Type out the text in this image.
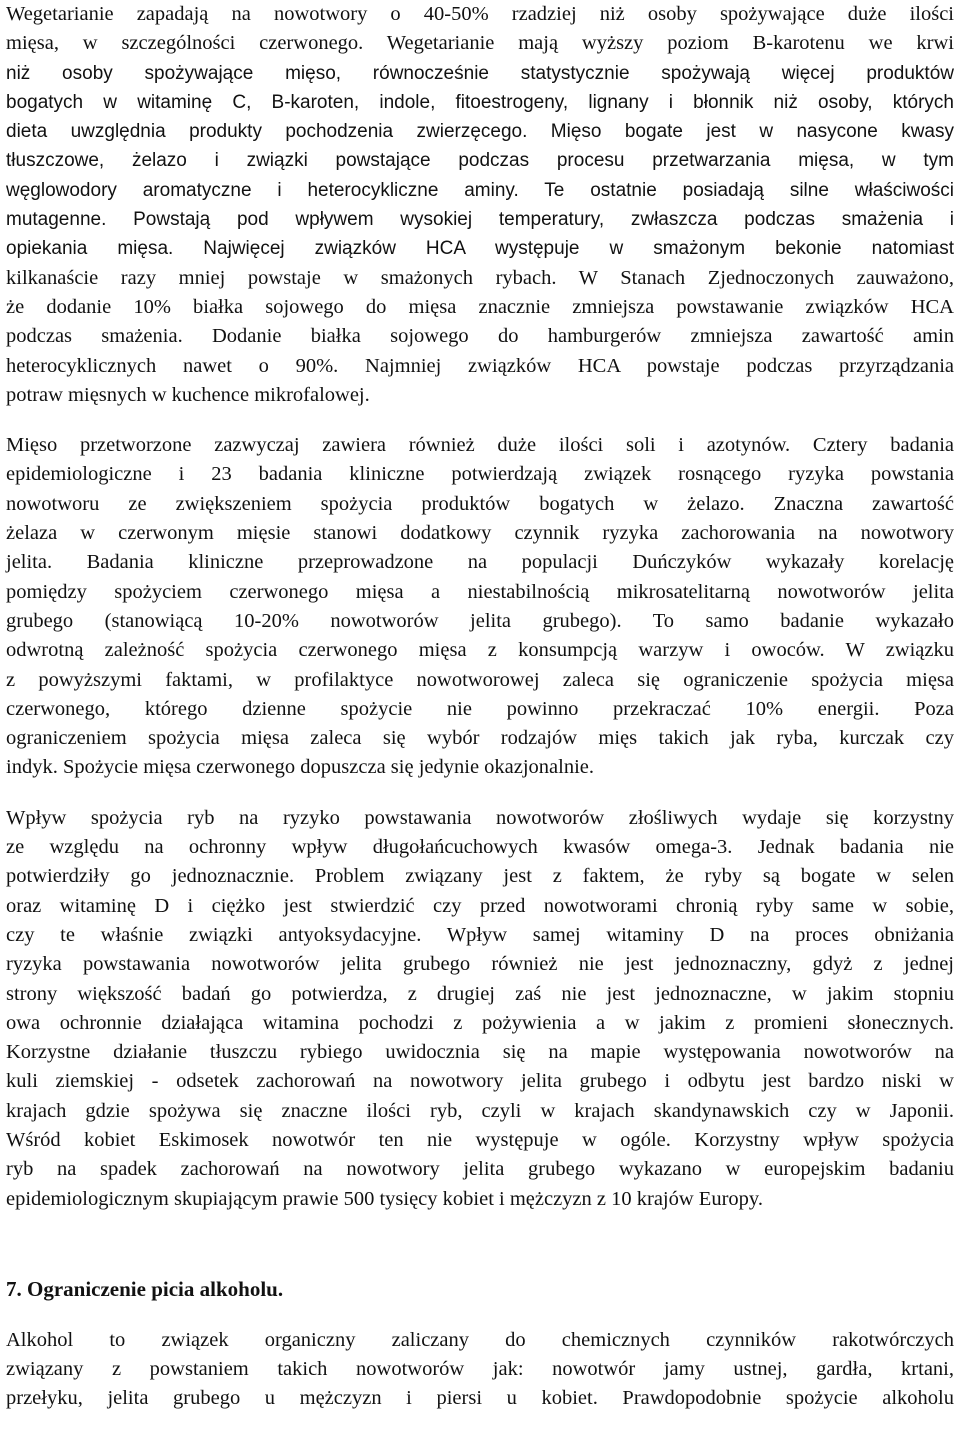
Wegetarianie zapadają na nowotwory o 40-50% rzadziej niż osoby spożywające duże ilości
mięsa, w szczególności czerwonego. Wegetarianie mają wyższy poziom B-karotenu we krwi
niż osoby spożywające mięso, równocześnie statystycznie spożywają więcej produktów
bogatych w witaminę C, B-karoten, indole, fitoestrogeny, lignany i błonnik niż osoby, których
dieta uwzględnia produkty pochodzenia zwierzęcego. Mięso bogate jest w nasycone kwasy
tłuszczowe, żelazo i związki powstające podczas procesu przetwarzania mięsa, w tym
węglowodory aromatyczne i heterocykliczne aminy. Te ostatnie posiadają silne właściwości
mutagenne. Powstają pod wpływem wysokiej temperatury, zwłaszcza podczas smażenia i
opiekania mięsa. Najwięcej związków HCA występuje w smażonym bekonie natomiast
kilkanaście razy mniej powstaje w smażonych rybach. W Stanach Zjednoczonych zauważono,
że dodanie 10% białka sojowego do mięsa znacznie zmniejsza powstawanie związków HCA
podczas smażenia. Dodanie białka sojowego do hamburgerów zmniejsza zawartość amin
heterocyklicznych nawet o 90%. Najmniej związków HCA powstaje podczas przyrządzania
potraw mięsnych w kuchence mikrofalowej.
Mięso przetworzone zazwyczaj zawiera również duże ilości soli i azotynów. Cztery badania
epidemiologiczne i 23 badania kliniczne potwierdzają związek rosnącego ryzyka powstania
nowotworu ze zwiększeniem spożycia produktów bogatych w żelazo. Znaczna zawartość
żelaza w czerwonym mięsie stanowi dodatkowy czynnik ryzyka zachorowania na nowotwory
jelita. Badania kliniczne przeprowadzone na populacji Duńczyków wykazały korelację
pomiędzy spożyciem czerwonego mięsa a niestabilnością mikrosatelitarną nowotworów jelita
grubego (stanowiącą 10-20% nowotworów jelita grubego). To samo badanie wykazało
odwrotną zależność spożycia czerwonego mięsa z konsumpcją warzyw i owoców. W związku
z powyższymi faktami, w profilaktyce nowotworowej zaleca się ograniczenie spożycia mięsa
czerwonego, którego dzienne spożycie nie powinno przekraczać 10% energii. Poza
ograniczeniem spożycia mięsa zaleca się wybór rodzajów mięs takich jak ryba, kurczak czy
indyk. Spożycie mięsa czerwonego dopuszcza się jedynie okazjonalnie.
Wpływ spożycia ryb na ryzyko powstawania nowotworów złośliwych wydaje się korzystny
ze względu na ochronny wpływ długołańcuchowych kwasów omega-3. Jednak badania nie
potwierdziły go jednoznacznie. Problem związany jest z faktem, że ryby są bogate w selen
oraz witaminę D i ciężko jest stwierdzić czy przed nowotworami chronią ryby same w sobie,
czy te właśnie związki antyoksydacyjne. Wpływ samej witaminy D na proces obniżania
ryzyka powstawania nowotworów jelita grubego również nie jest jednoznaczny, gdyż z jednej
strony większość badań go potwierdza, z drugiej zaś nie jest jednoznaczne, w jakim stopniu
owa ochronnie działająca witamina pochodzi z pożywienia a w jakim z promieni słonecznych.
Korzystne działanie tłuszczu rybiego uwidocznia się na mapie występowania nowotworów na
kuli ziemskiej - odsetek zachorowań na nowotwory jelita grubego i odbytu jest bardzo niski w
krajach gdzie spożywa się znaczne ilości ryb, czyli w krajach skandynawskich czy w Japonii.
Wśród kobiet Eskimosek nowotwór ten nie występuje w ogóle. Korzystny wpływ spożycia
ryb na spadek zachorowań na nowotwory jelita grubego wykazano w europejskim badaniu
epidemiologicznym skupiającym prawie 500 tysięcy kobiet i mężczyzn z 10 krajów Europy.
7. Ograniczenie picia alkoholu.
Alkohol to związek organiczny zaliczany do chemicznych czynników rakotwórczych
związany z powstaniem takich nowotworów jak: nowotwór jamy ustnej, gardła, krtani,
przełyku, jelita grubego u mężczyzn i piersi u kobiet. Prawdopodobnie spożycie alkoholu
